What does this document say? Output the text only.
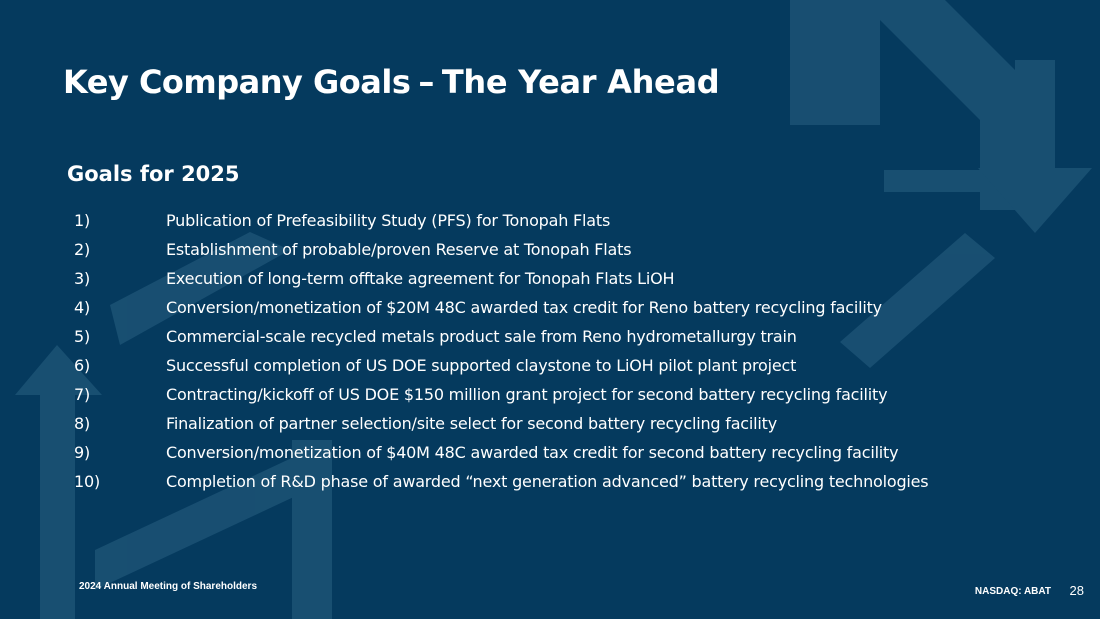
Key Company Goals – The Year Ahead
Goals for 2025
1)	Publication of Prefeasibility Study (PFS) for Tonopah Flats
2)	Establishment of probable/proven Reserve at Tonopah Flats
3)	Execution of long-term offtake agreement for Tonopah Flats LiOH
4)	Conversion/monetization of $20M 48C awarded tax credit for Reno battery recycling facility
5)	Commercial-scale recycled metals product sale from Reno hydrometallurgy train
6)	Successful completion of US DOE supported claystone to LiOH pilot plant project
7)	Contracting/kickoff of US DOE $150 million grant project for second battery recycling facility
8)	Finalization of partner selection/site select for second battery recycling facility
9)	Conversion/monetization of $40M 48C awarded tax credit for second battery recycling facility
10)	Completion of R&D phase of awarded “next generation advanced” battery recycling technologies
2024 Annual Meeting of Shareholders	NASDAQ: ABAT 28
